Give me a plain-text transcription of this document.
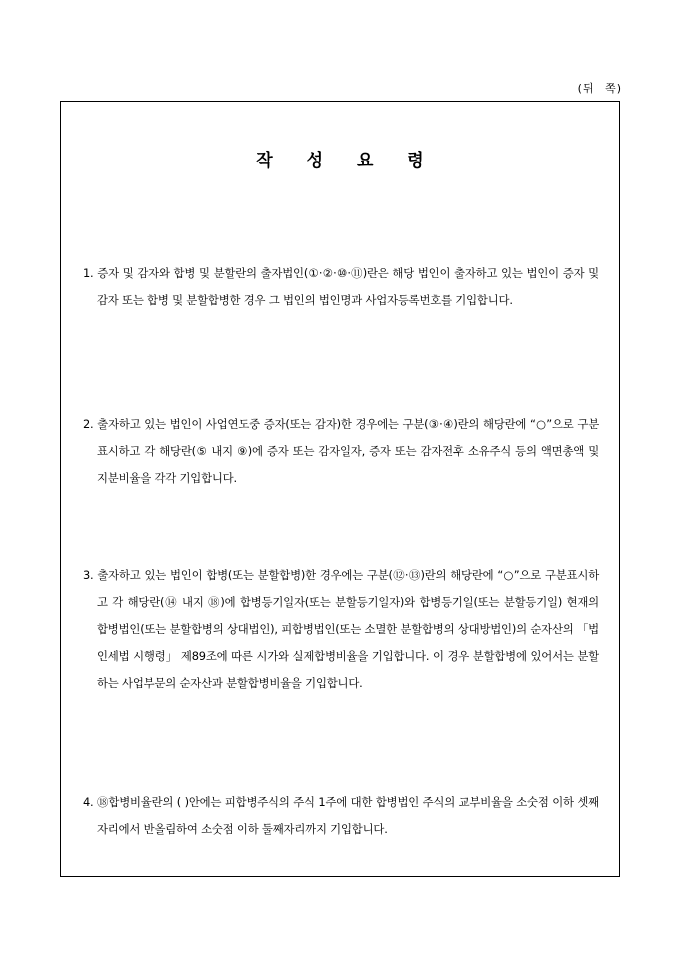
(뒤 쪽)
작 성 요 령
1. 증자 및 감자와 합병 및 분할란의 출자법인(①·②·⑩·⑪)란은 해당 법인이 출자하고 있는 법인이 증자 및 감자 또는 합병 및 분할합병한 경우 그 법인의 법인명과 사업자등록번호를 기입합니다.
2. 출자하고 있는 법인이 사업연도중 증자(또는 감자)한 경우에는 구분(③·④)란의 해당란에 “○”으로 구분표시하고 각 해당란(⑤ 내지 ⑨)에 증자 또는 감자일자, 증자 또는 감자전후 소유주식 등의 액면총액 및 지분비율을 각각 기입합니다.
3. 출자하고 있는 법인이 합병(또는 분할합병)한 경우에는 구분(⑫·⑬)란의 해당란에 “○”으로 구분표시하고 각 해당란(⑭ 내지 ⑱)에 합병등기일자(또는 분할등기일자)와 합병등기일(또는 분할등기일) 현재의 합병법인(또는 분할합병의 상대법인), 피합병법인(또는 소멸한 분할합병의 상대방법인)의 순자산의 「법인세법 시행령」 제89조에 따른 시가와 실제합병비율을 기입합니다. 이 경우 분할합병에 있어서는 분할하는 사업부문의 순자산과 분할합병비율을 기입합니다.
4. ⑱합병비율란의 ( )안에는 피합병주식의 주식 1주에 대한 합병법인 주식의 교부비율을 소숫점 이하 셋째자리에서 반올림하여 소숫점 이하 둘째자리까지 기입합니다.
